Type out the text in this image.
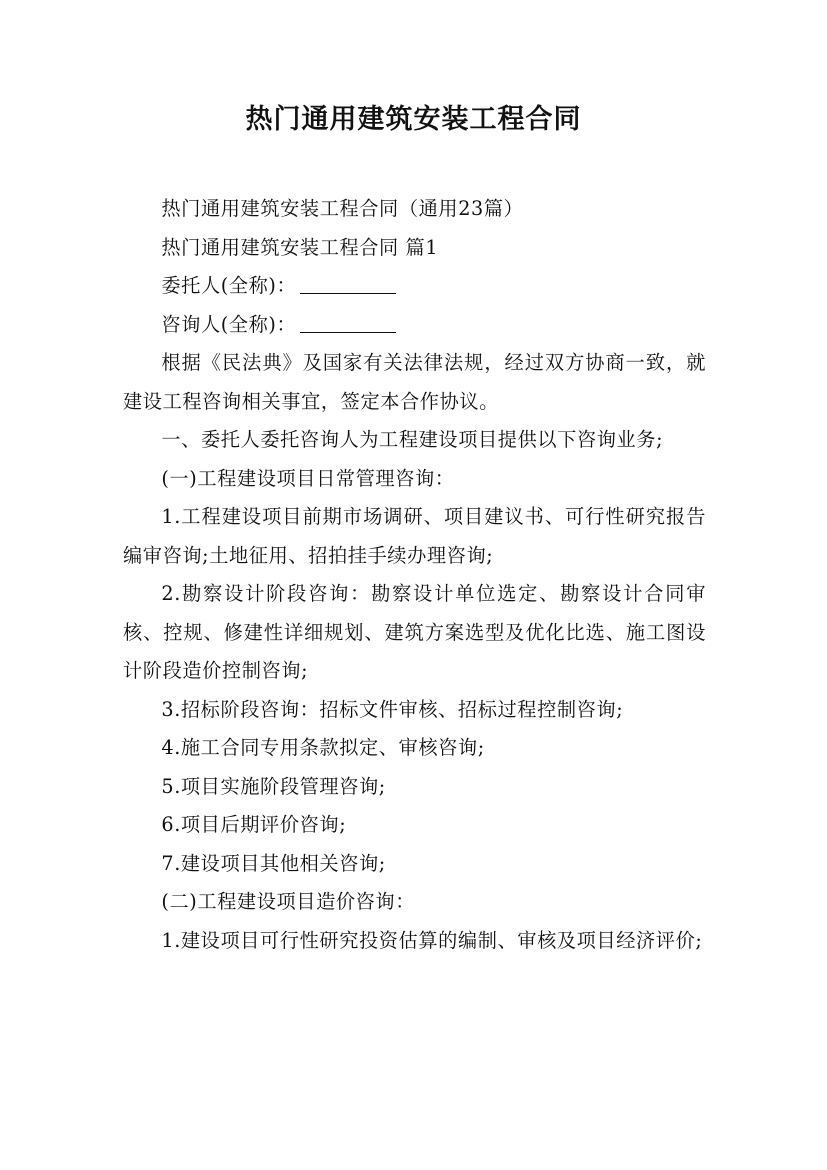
热门通用建筑安装工程合同

热门通用建筑安装工程合同（通用23篇）

热门通用建筑安装工程合同 篇1

委托人(全称)：

咨询人(全称)：

根据《民法典》及国家有关法律法规，经过双方协商一致，就建设工程咨询相关事宜，签定本合作协议。

一、委托人委托咨询人为工程建设项目提供以下咨询业务;

(一)工程建设项目日常管理咨询：

1.工程建设项目前期市场调研、项目建议书、可行性研究报告编审咨询;土地征用、招拍挂手续办理咨询;

2.勘察设计阶段咨询：勘察设计单位选定、勘察设计合同审核、控规、修建性详细规划、建筑方案选型及优化比选、施工图设计阶段造价控制咨询;

3.招标阶段咨询：招标文件审核、招标过程控制咨询;

4.施工合同专用条款拟定、审核咨询;

5.项目实施阶段管理咨询;

6.项目后期评价咨询;

7.建设项目其他相关咨询;

(二)工程建设项目造价咨询：

1.建设项目可行性研究投资估算的编制、审核及项目经济评价;
